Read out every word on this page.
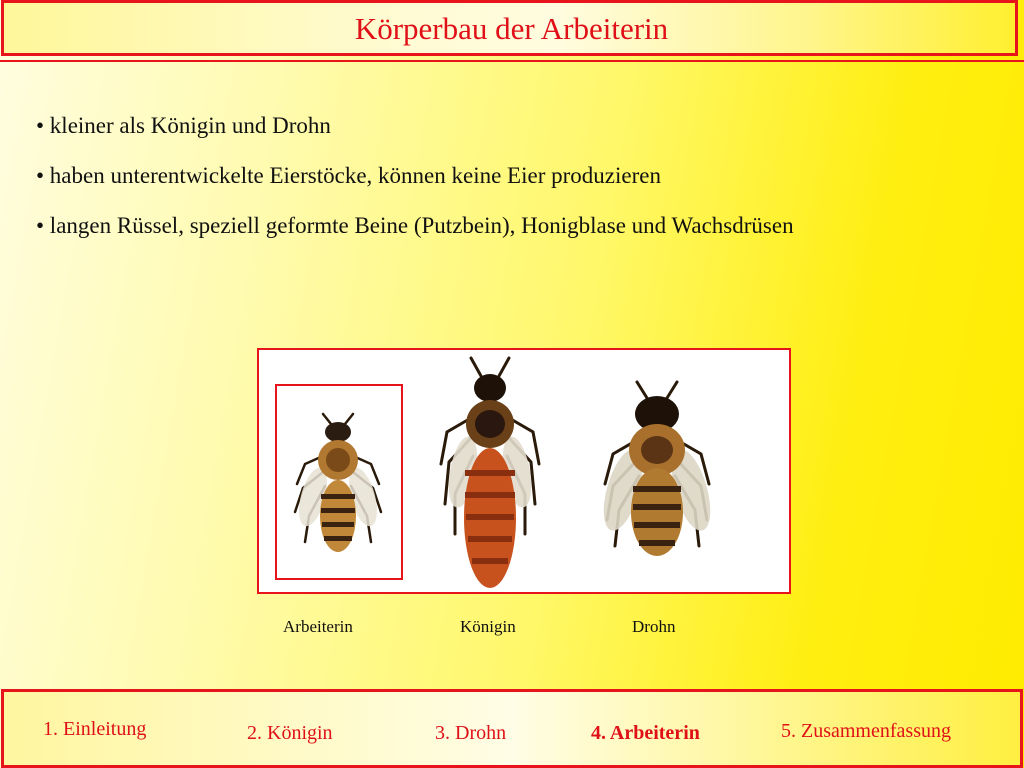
Körperbau der Arbeiterin

• kleiner als Königin und Drohn

• haben unterentwickelte Eierstöcke, können keine Eier produzieren

• langen Rüssel, speziell geformte Beine (Putzbein), Honigblase und Wachsdrüsen

Arbeiterin	Königin	Drohn
1. Einleitung	2. Königin	3. Drohn	4. Arbeiterin	5. Zusammenfassung
